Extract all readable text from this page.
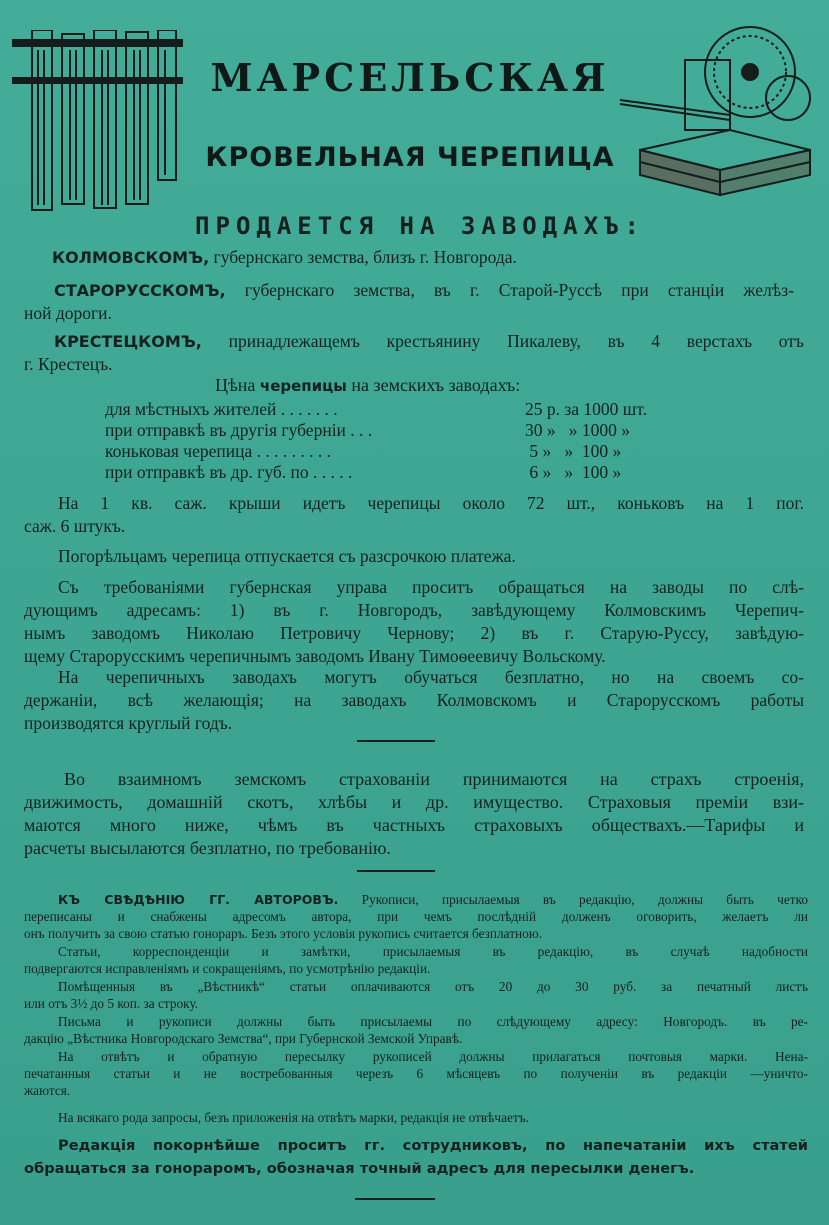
МАРСЕЛЬСКАЯ
КРОВЕЛЬНАЯ ЧЕРЕПИЦА
ПРОДАЕТСЯ НА ЗАВОДАХЪ:
КОЛМОВСКОМЪ, губернскаго земства, близъ г. Новгорода.
СТАРОРУССКОМЪ, губернскаго земства, въ г. Старой-Руссѣ при станціи желѣз-
ной дороги.
КРЕСТЕЦКОМЪ, принадлежащемъ крестьянину Пикалеву, въ 4 верстахъ отъ
г. Крестецъ.
Цѣна черепицы на земскихъ заводахъ:
для мѣстныхъ жителей . . . . . . .	25 р. за 1000 шт.
при отправкѣ въ другія губерніи . . .	30 »   » 1000 »
коньковая черепица . . . . . . . . .	5 »   »  100 »
при отправкѣ въ др. губ. по . . . . .	6 »   »  100 »
На 1 кв. саж. крыши идетъ черепицы около 72 шт., коньковъ на 1 пог.
саж. 6 штукъ.
Погорѣльцамъ черепица отпускается съ разсрочкою платежа.
Съ требованіями губернская управа проситъ обращаться на заводы по слѣ-
дующимъ адресамъ: 1) въ г. Новгородъ, завѣдующему Колмовскимъ Черепич-
нымъ заводомъ Николаю Петровичу Чернову; 2) въ г. Старую-Руссу, завѣдую-
щему Старорусскимъ черепичнымъ заводомъ Ивану Тимоѳеевичу Вольскому.
На черепичныхъ заводахъ могутъ обучаться безплатно, но на своемъ со-
держаніи, всѣ желающія; на заводахъ Колмовскомъ и Старорусскомъ работы
производятся круглый годъ.
Во взаимномъ земскомъ страхованіи принимаются на страхъ строенія,
движимость, домашній скотъ, хлѣбы и др. имущество. Страховыя преміи взи-
маются много ниже, чѣмъ въ частныхъ страховыхъ обществахъ.—Тарифы и
расчеты высылаются безплатно, по требованію.
КЪ СВѢДѢНІЮ ГГ. АВТОРОВЪ. Рукописи, присылаемыя въ редакцію, должны быть четко
переписаны и снабжены адресомъ автора, при чемъ послѣдній долженъ оговорить, желаетъ ли
онъ получить за свою статью гонораръ. Безъ этого условія рукопись считается безплатною.
Статьи, корреспонденціи и замѣтки, присылаемыя въ редакцію, въ случаѣ надобности
подвергаются исправленіямъ и сокращеніямъ, по усмотрѣнію редакціи.
Помѣщенныя въ „Вѣстникѣ“ статьи оплачиваются отъ 20 до 30 руб. за печатный листъ
или отъ 3½ до 5 коп. за строку.
Письма и рукописи должны быть присылаемы по слѣдующему адресу: Новгородъ. въ ре-
дакцію „Вѣстника Новгородскаго Земства“, при Губернской Земской Управѣ.
На отвѣтъ и обратную пересылку рукописей должны прилагаться почтовыя марки. Нена-
печатанныя статьи и не востребованныя черезъ 6 мѣсяцевъ по полученіи въ редакціи —уничто-
жаются.
На всякаго рода запросы, безъ приложенія на отвѣтъ марки, редакція не отвѣчаетъ.
Редакція покорнѣйше проситъ гг. сотрудниковъ, по напечатаніи ихъ статей
обращаться за гонораромъ, обозначая точный адресъ для пересылки денегъ.
